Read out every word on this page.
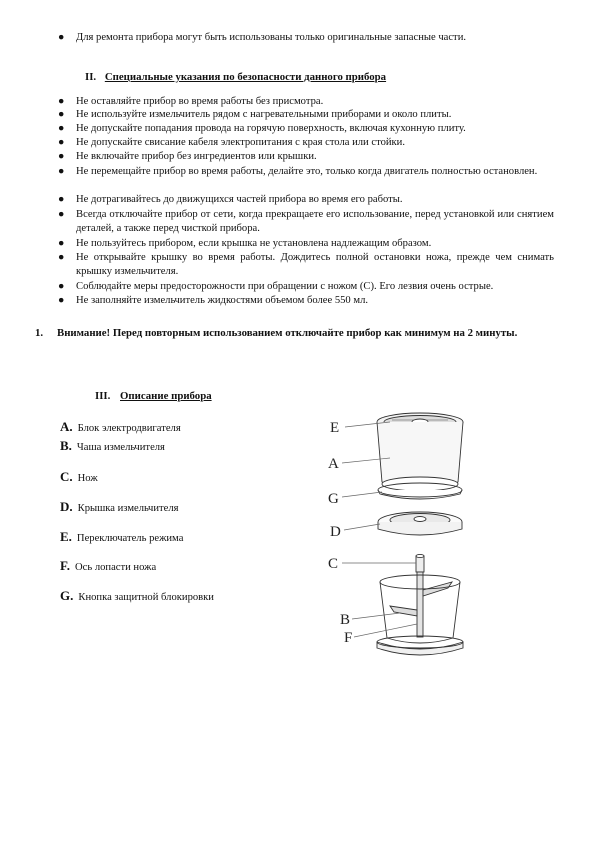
●	Для ремонта прибора могут быть использованы только оригинальные запасные части.
II. Специальные указания по безопасности данного прибора
●	Не оставляйте прибор во время работы без присмотра.
●	Не используйте измельчитель рядом с нагревательными приборами и около плиты.
●	Не допускайте попадания провода на горячую поверхность, включая кухонную плиту.
●	Не допускайте свисание кабеля электропитания с края стола или стойки.
●	Не включайте прибор без ингредиентов или крышки.
●	Не перемещайте прибор во время работы, делайте это, только когда двигатель полностью остановлен.
●	Не дотрагивайтесь до движущихся частей прибора во время его работы.
●	Всегда отключайте прибор от сети, когда прекращаете его использование, перед установкой или снятием деталей, а также перед чисткой прибора.
●	Не пользуйтесь прибором, если крышка не установлена надлежащим образом.
●	Не открывайте крышку во время работы. Дождитесь полной остановки ножа, прежде чем снимать крышку измельчителя.
●	Соблюдайте меры предосторожности при обращении с ножом (C). Его лезвия очень острые.
●	Не заполняйте измельчитель жидкостями объемом более 550 мл.
1. Внимание! Перед повторным использованием отключайте прибор как минимум на 2 минуты.
III. Описание прибора
A. Блок электродвигателя
B. Чаша измельчителя
C. Нож
D. Крышка измельчителя
E. Переключатель режима
F. Ось лопасти ножа
G. Кнопка защитной блокировки
E
A
G
D
C
B
F
